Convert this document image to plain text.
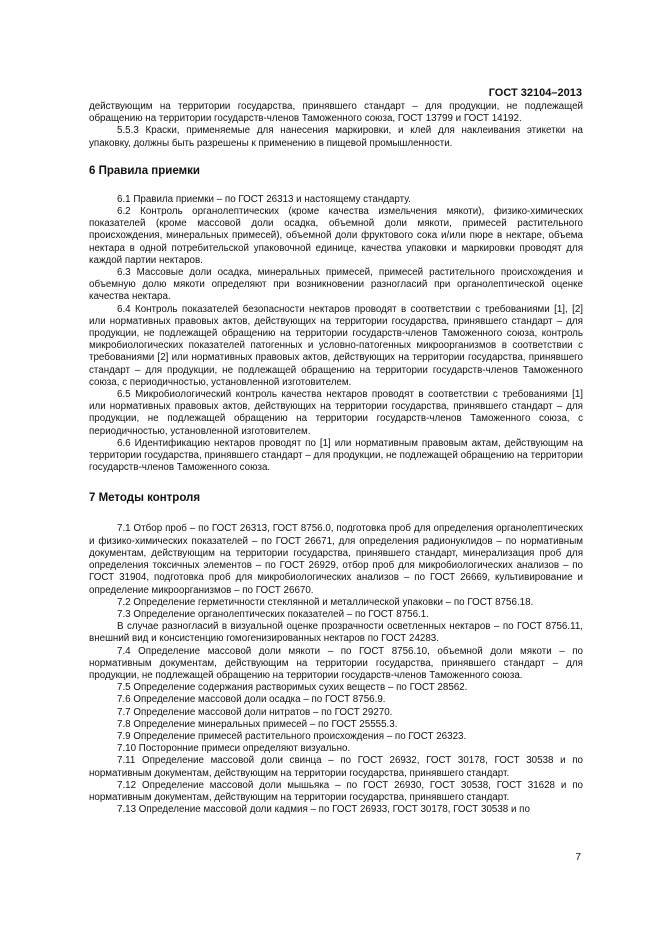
ГОСТ 32104–2013

действующим на территории государства, принявшего стандарт – для продукции, не подлежащей обращению на территории государств-членов Таможенного союза, ГОСТ 13799 и ГОСТ 14192.

5.5.3 Краски, применяемые для нанесения маркировки, и клей для наклеивания этикетки на упаковку, должны быть разрешены к применению в пищевой промышленности.

6 Правила приемки

6.1 Правила приемки – по ГОСТ 26313 и настоящему стандарту.

6.2 Контроль органолептических (кроме качества измельчения мякоти), физико-химических показателей (кроме массовой доли осадка, объемной доли мякоти, примесей растительного происхождения, минеральных примесей), объемной доли фруктового сока и/или пюре в нектаре, объема нектара в одной потребительской упаковочной единице, качества упаковки и маркировки проводят для каждой партии нектаров.

6.3 Массовые доли осадка, минеральных примесей, примесей растительного происхождения и объемную долю мякоти определяют при возникновении разногласий при органолептической оценке качества нектара.

6.4 Контроль показателей безопасности нектаров проводят в соответствии с требованиями [1], [2] или нормативных правовых актов, действующих на территории государства, принявшего стандарт – для продукции, не подлежащей обращению на территории государств-членов Таможенного союза, контроль микробиологических показателей патогенных и условно-патогенных микроорганизмов в соответствии с требованиями [2] или нормативных правовых актов, действующих на территории государства, принявшего стандарт – для продукции, не подлежащей обращению на территории государств-членов Таможенного союза, с периодичностью, установленной изготовителем.

6.5 Микробиологический контроль качества нектаров проводят в соответствии с требованиями [1] или нормативных правовых актов, действующих на территории государства, принявшего стандарт – для продукции, не подлежащей обращению на территории государств-членов Таможенного союза, с периодичностью, установленной изготовителем.

6.6 Идентификацию нектаров проводят по [1] или нормативным правовым актам, действующим на территории государства, принявшего стандарт – для продукции, не подлежащей обращению на территории государств-членов Таможенного союза.

7 Методы контроля

7.1 Отбор проб – по ГОСТ 26313, ГОСТ 8756.0, подготовка проб для определения органолептических и физико-химических показателей – по ГОСТ 26671, для определения радионуклидов – по нормативным документам, действующим на территории государства, принявшего стандарт, минерализация проб для определения токсичных элементов – по ГОСТ 26929, отбор проб для микробиологических анализов – по ГОСТ 31904, подготовка проб для микробиологических анализов – по ГОСТ 26669, культивирование и определение микроорганизмов – по ГОСТ 26670.

7.2 Определение герметичности стеклянной и металлической упаковки – по ГОСТ 8756.18.

7.3 Определение органолептических показателей – по ГОСТ 8756.1.

В случае разногласий в визуальной оценке прозрачности осветленных нектаров – по ГОСТ 8756.11, внешний вид и консистенцию гомогенизированных нектаров по ГОСТ 24283.

7.4 Определение массовой доли мякоти – по ГОСТ 8756.10, объемной доли мякоти – по нормативным документам, действующим на территории государства, принявшего стандарт – для продукции, не подлежащей обращению на территории государств-членов Таможенного союза.

7.5 Определение содержания растворимых сухих веществ – по ГОСТ 28562.

7.6 Определение массовой доли осадка – по ГОСТ 8756.9.

7.7 Определение массовой доли нитратов – по ГОСТ 29270.

7.8 Определение минеральных примесей – по ГОСТ 25555.3.

7.9 Определение примесей растительного происхождения – по ГОСТ 26323.

7.10 Посторонние примеси определяют визуально.

7.11 Определение массовой доли свинца – по ГОСТ 26932, ГОСТ 30178, ГОСТ 30538 и по нормативным документам, действующим на территории государства, принявшего стандарт.

7.12 Определение массовой доли мышьяка – по ГОСТ 26930, ГОСТ 30538, ГОСТ 31628 и по нормативным документам, действующим на территории государства, принявшего стандарт.

7.13 Определение массовой доли кадмия – по ГОСТ 26933, ГОСТ 30178, ГОСТ 30538 и по

7
